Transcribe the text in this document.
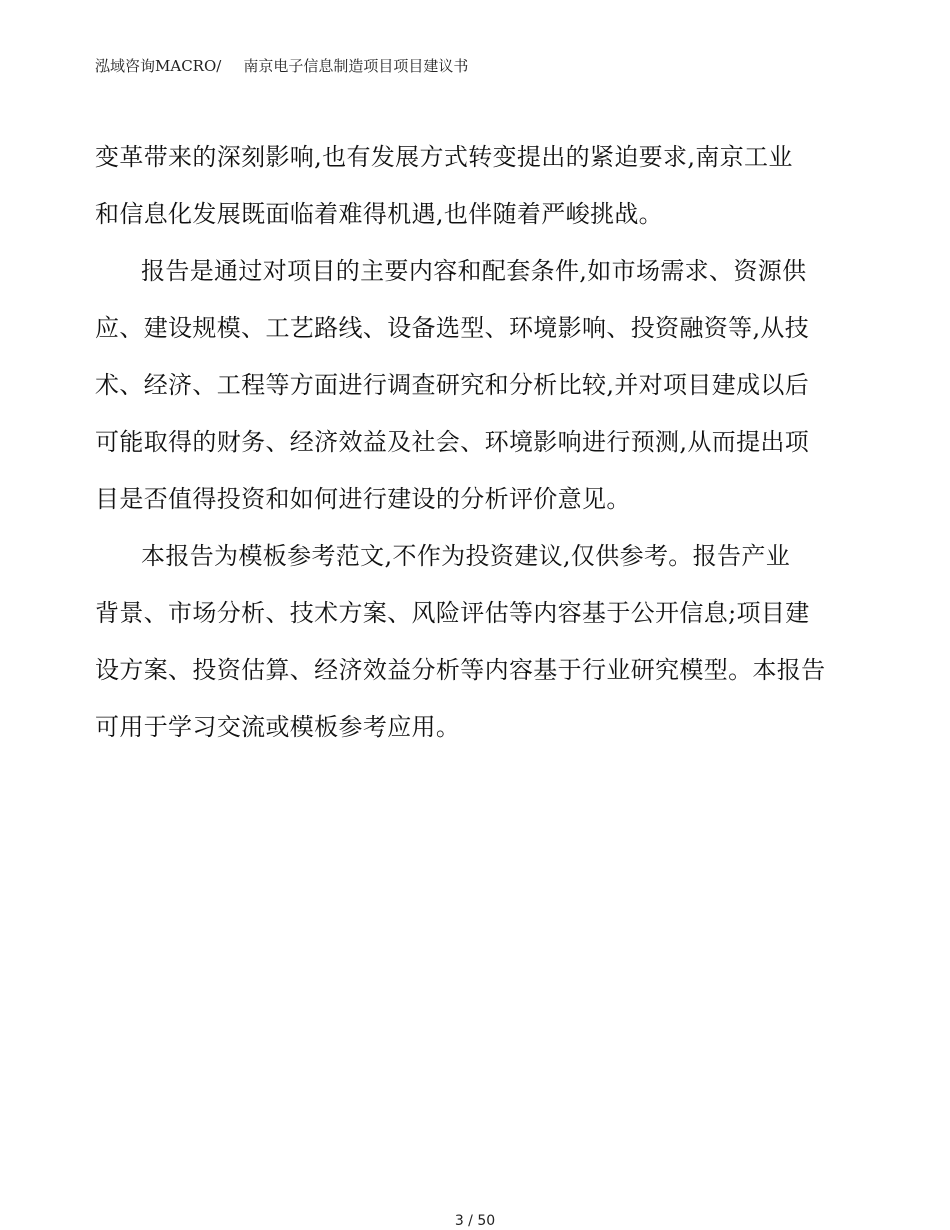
泓域咨询MACRO/ 南京电子信息制造项目项目建议书
变革带来的深刻影响,也有发展方式转变提出的紧迫要求,南京工业
和信息化发展既面临着难得机遇,也伴随着严峻挑战。
报告是通过对项目的主要内容和配套条件,如市场需求、资源供
应、建设规模、工艺路线、设备选型、环境影响、投资融资等,从技
术、经济、工程等方面进行调查研究和分析比较,并对项目建成以后
可能取得的财务、经济效益及社会、环境影响进行预测,从而提出项
目是否值得投资和如何进行建设的分析评价意见。
本报告为模板参考范文,不作为投资建议,仅供参考。报告产业
背景、市场分析、技术方案、风险评估等内容基于公开信息;项目建
设方案、投资估算、经济效益分析等内容基于行业研究模型。本报告
可用于学习交流或模板参考应用。
3 / 50
